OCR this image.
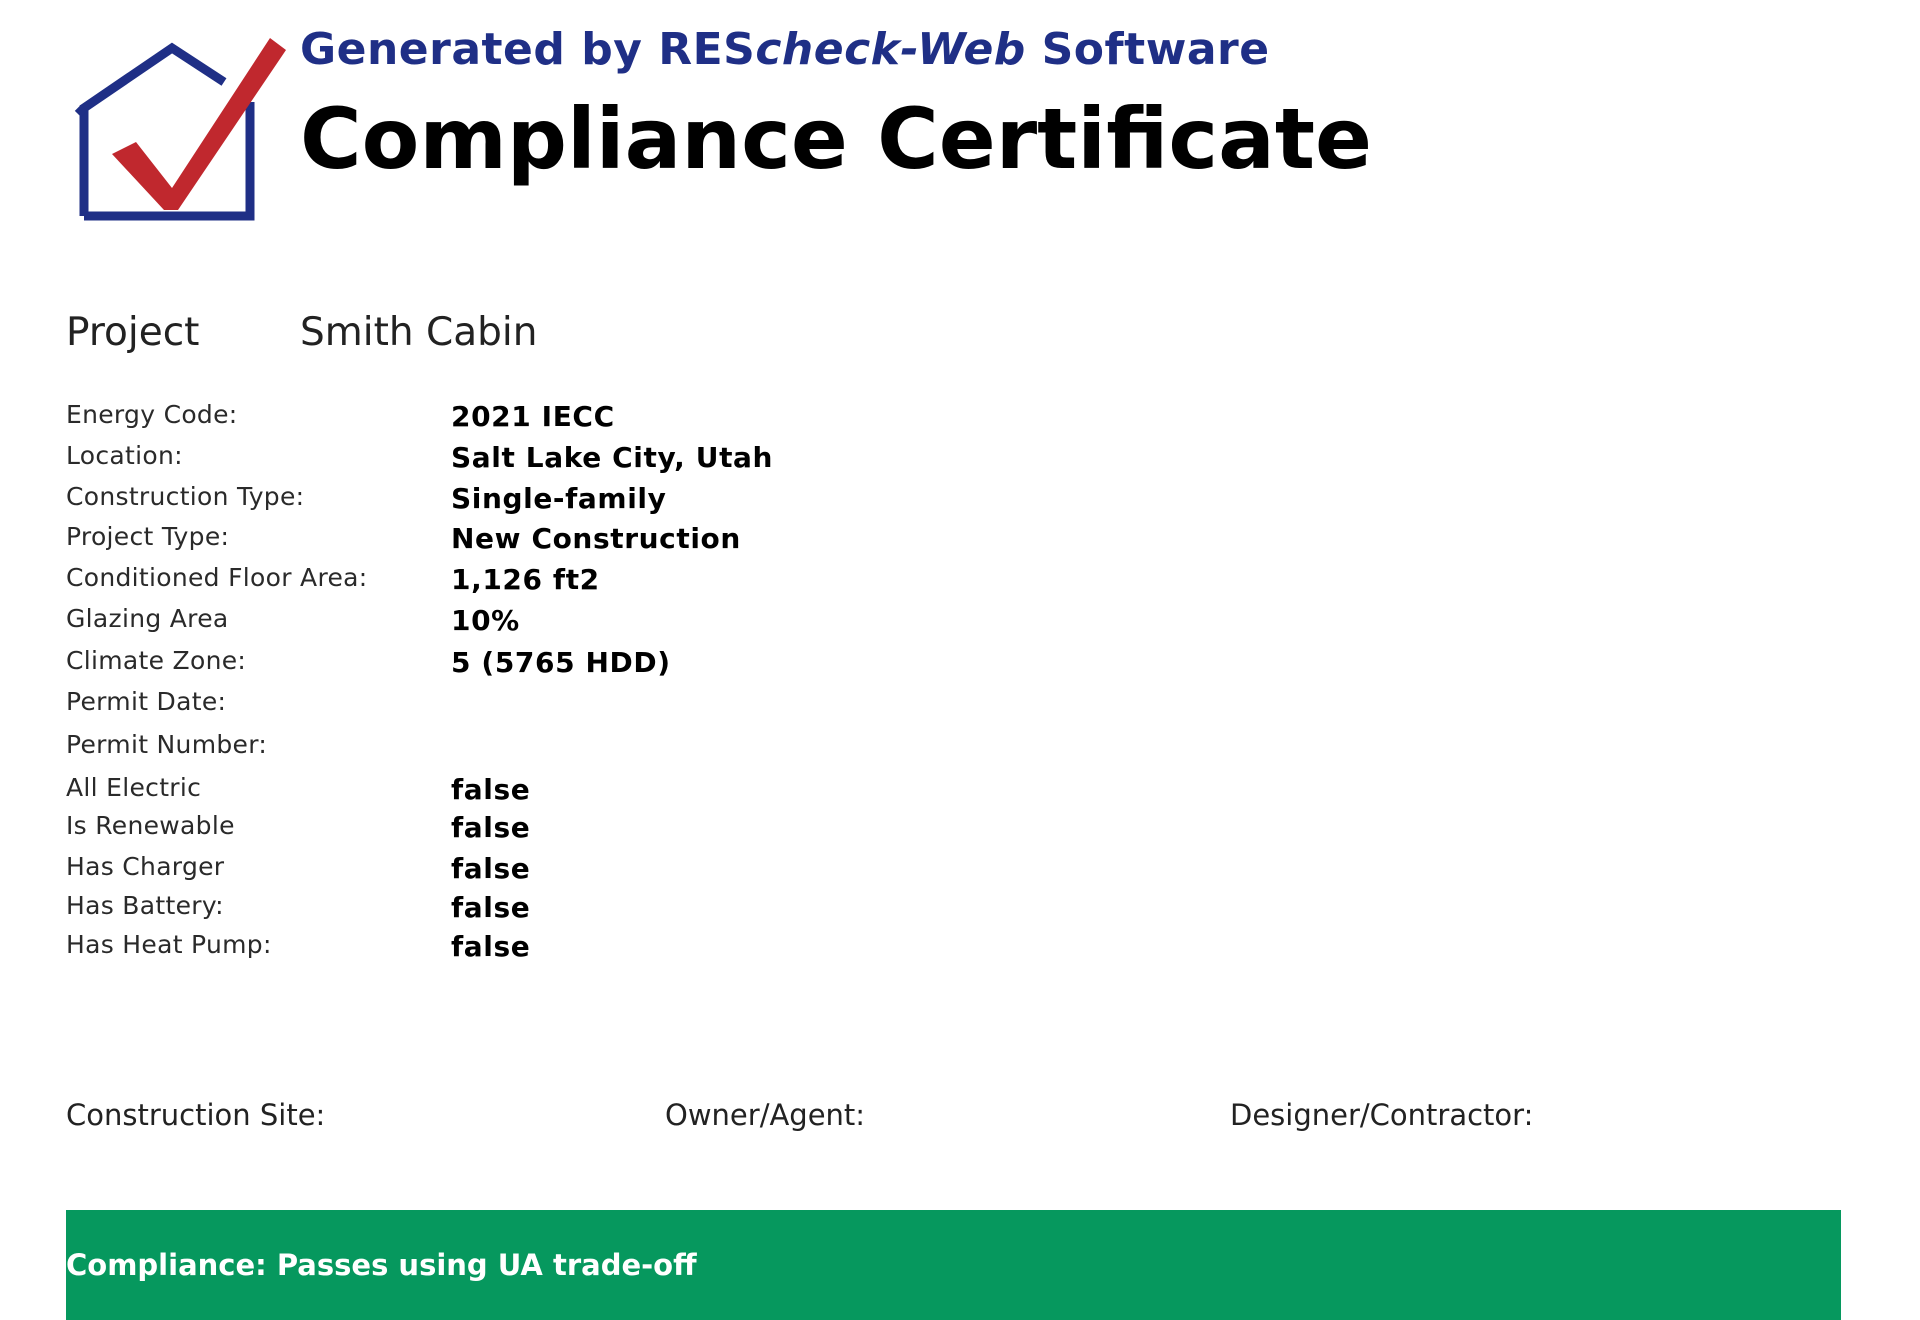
Generated by REScheck-Web Software
Compliance Certificate
Project	Smith Cabin
Energy Code:	2021 IECC
Location:	Salt Lake City, Utah
Construction Type:	Single-family
Project Type:	New Construction
Conditioned Floor Area:	1,126 ft2
Glazing Area	10%
Climate Zone:	5 (5765 HDD)
Permit Date:
Permit Number:
All Electric	false
Is Renewable	false
Has Charger	false
Has Battery:	false
Has Heat Pump:	false
Construction Site:	Owner/Agent:	Designer/Contractor:
Compliance: Passes using UA trade-off
